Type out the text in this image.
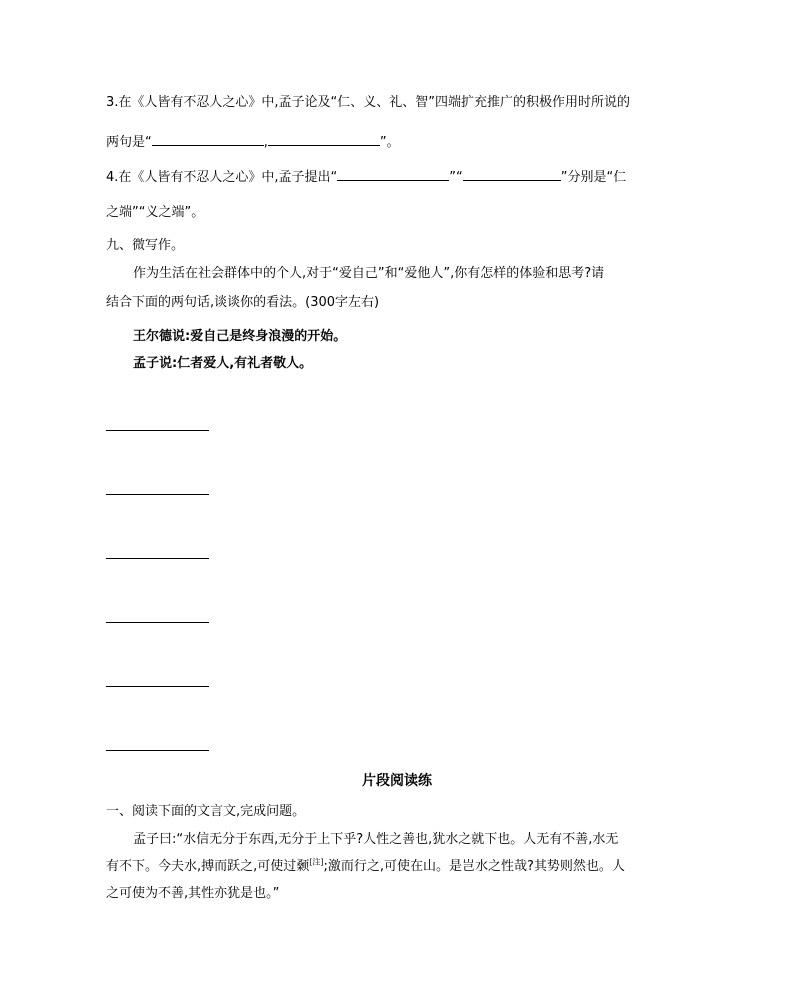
3.在《人皆有不忍人之心》中,孟子论及“仁、义、礼、智”四端扩充推广的积极作用时所说的
两句是“	,	”。
4.在《人皆有不忍人之心》中,孟子提出“	”“	”分别是“仁
之端”“义之端”。
九、微写作。
作为生活在社会群体中的个人,对于“爱自己”和“爱他人”,你有怎样的体验和思考?请
结合下面的两句话,谈谈你的看法。(300字左右)
王尔德说:爱自己是终身浪漫的开始。
孟子说:仁者爱人,有礼者敬人。
片段阅读练
一、阅读下面的文言文,完成问题。
孟子曰:“水信无分于东西,无分于上下乎?人性之善也,犹水之就下也。人无有不善,水无
有不下。今夫水,搏而跃之,可使过颡[注];激而行之,可使在山。是岂水之性哉?其势则然也。人
之可使为不善,其性亦犹是也。”
